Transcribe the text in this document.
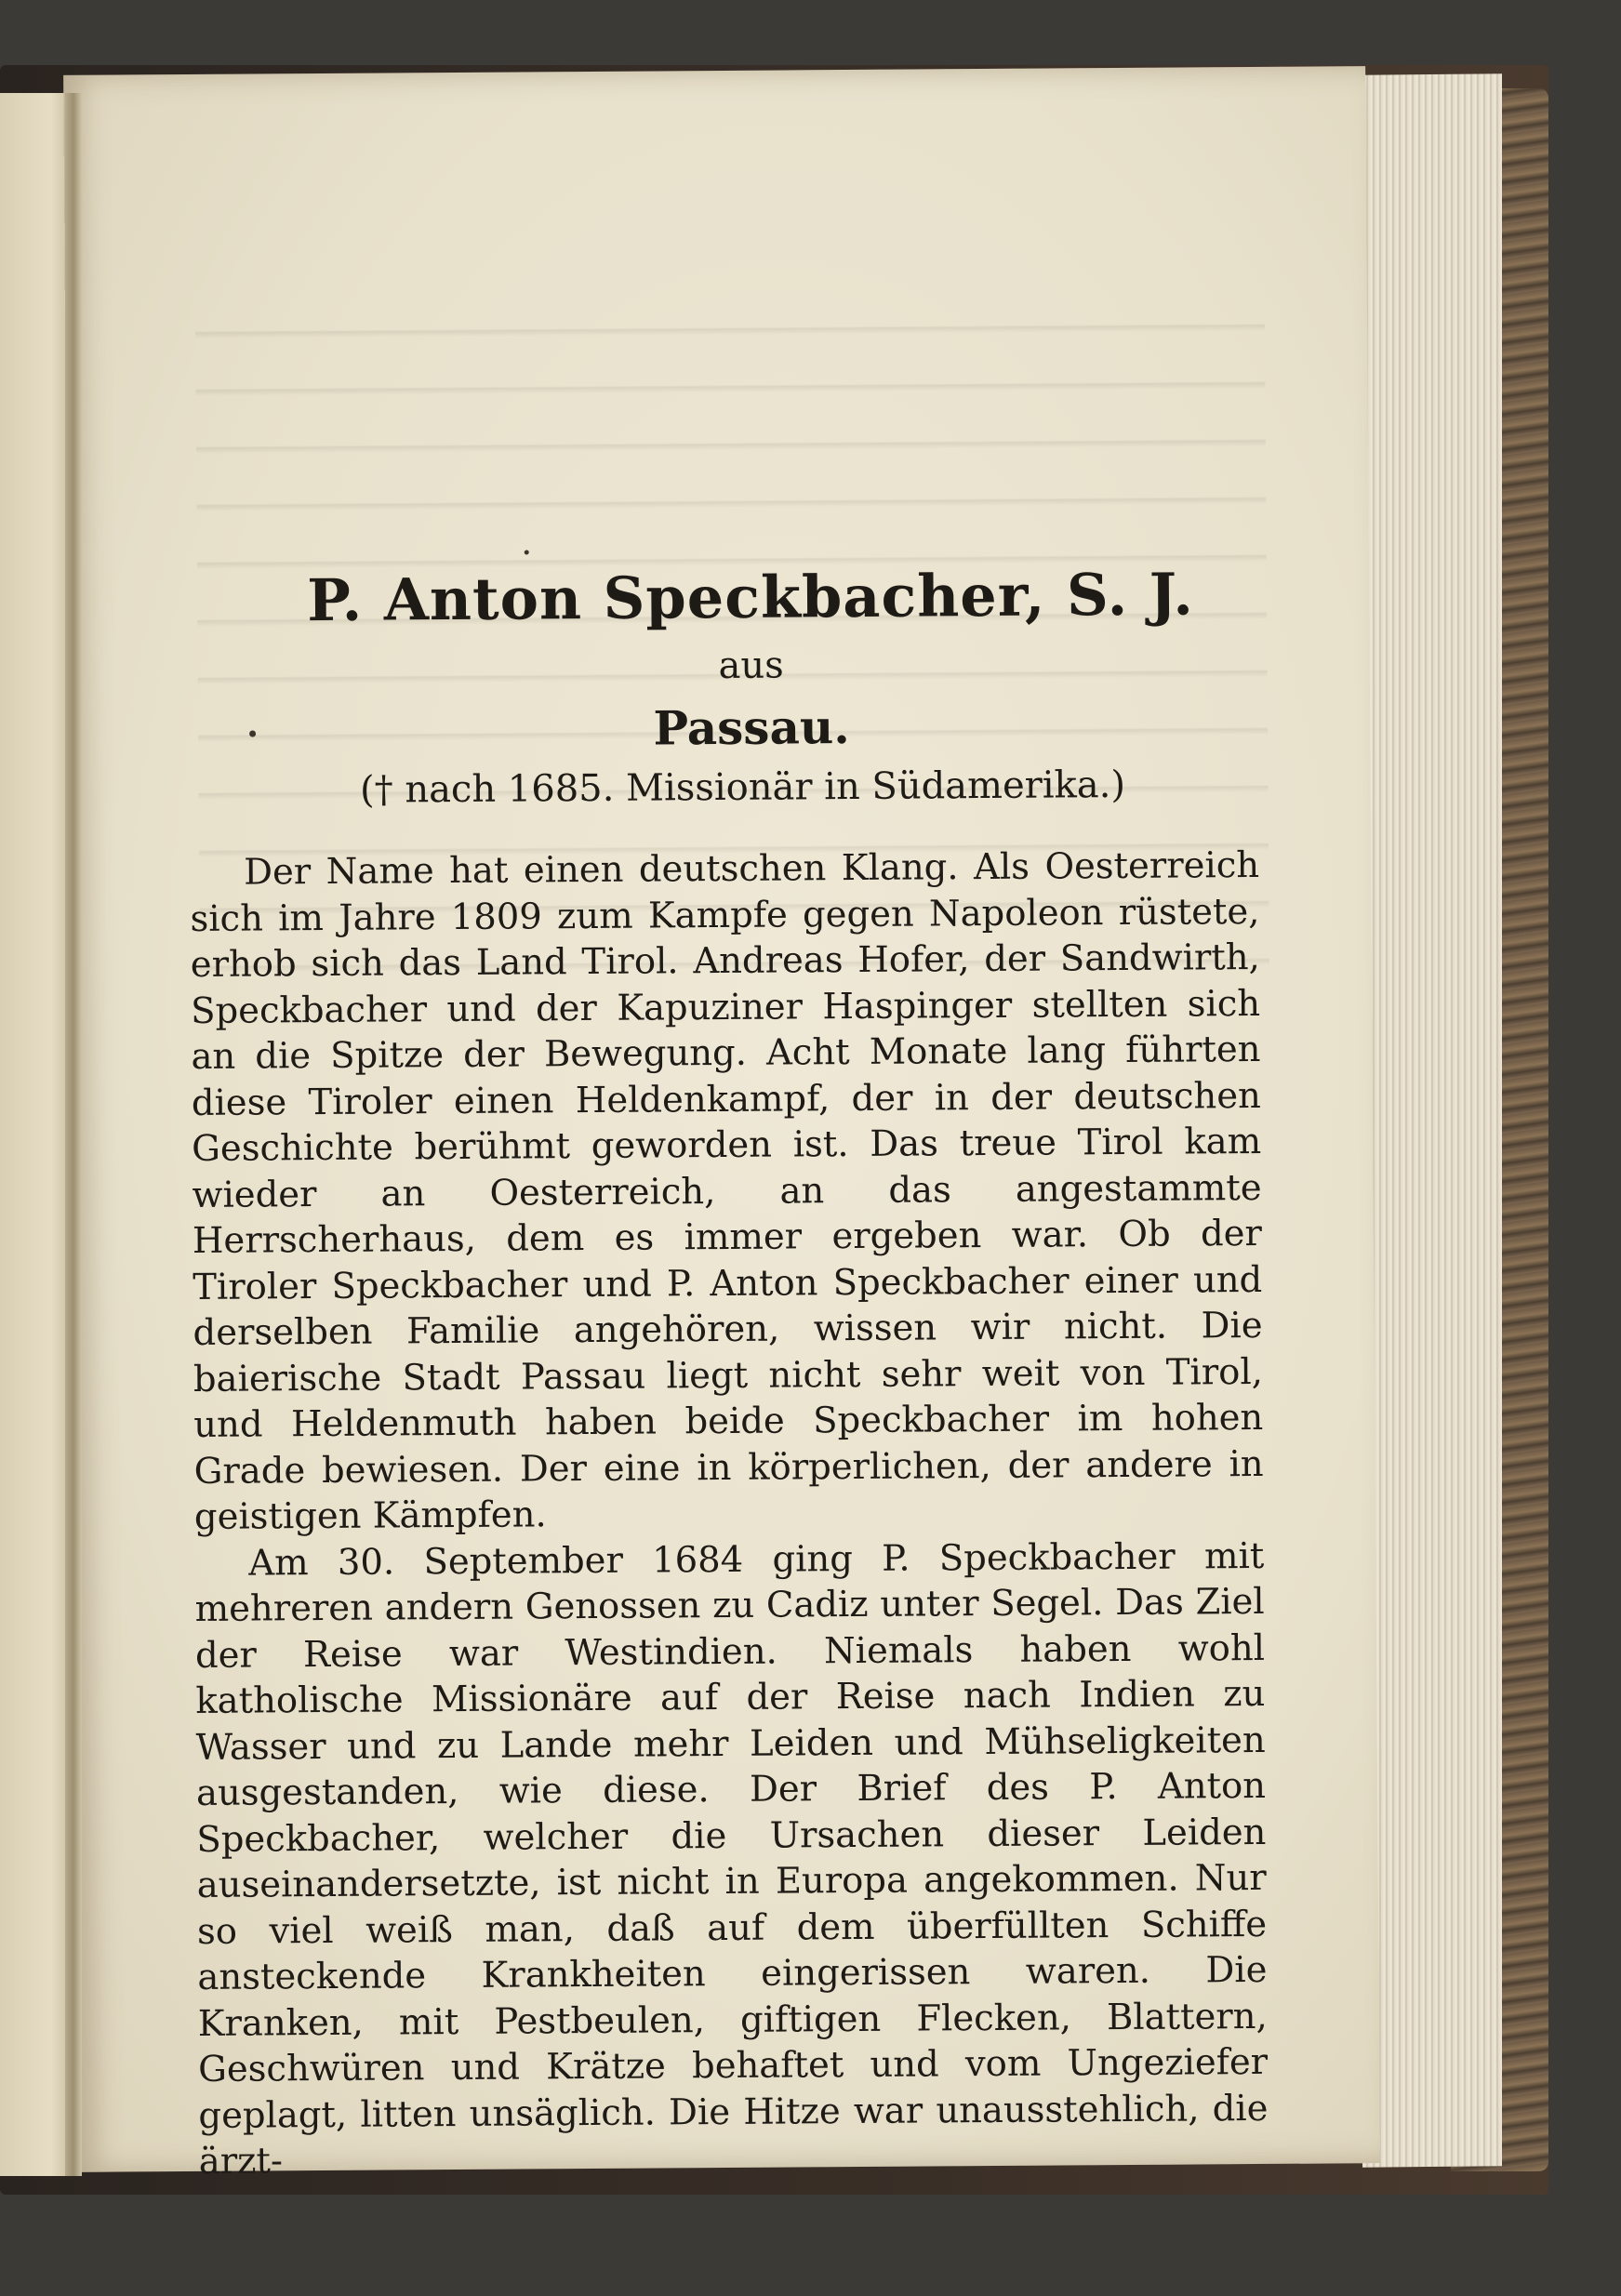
P. Anton Speckbacher, S. J.
aus
Passau.
(† nach 1685. Missionär in Südamerika.)

Der Name hat einen deutschen Klang. Als Oesterreich sich im Jahre 1809 zum Kampfe gegen Napoleon rüstete, erhob sich das Land Tirol. Andreas Hofer, der Sandwirth, Speckbacher und der Kapuziner Haspinger stellten sich an die Spitze der Bewegung. Acht Monate lang führten diese Tiroler einen Heldenkampf, der in der deutschen Geschichte berühmt geworden ist. Das treue Tirol kam wieder an Oesterreich, an das angestammte Herrscherhaus, dem es immer ergeben war. Ob der Tiroler Speckbacher und P. Anton Speckbacher einer und derselben Familie angehören, wissen wir nicht. Die baierische Stadt Passau liegt nicht sehr weit von Tirol, und Heldenmuth haben beide Speckbacher im hohen Grade bewiesen. Der eine in körperlichen, der andere in geistigen Kämpfen.

Am 30. September 1684 ging P. Speckbacher mit mehreren andern Genossen zu Cadiz unter Segel. Das Ziel der Reise war Westindien. Niemals haben wohl katholische Missionäre auf der Reise nach Indien zu Wasser und zu Lande mehr Leiden und Mühseligkeiten ausgestanden, wie diese. Der Brief des P. Anton Speckbacher, welcher die Ursachen dieser Leiden auseinandersetzte, ist nicht in Europa angekommen. Nur so viel weiß man, daß auf dem überfüllten Schiffe ansteckende Krankheiten eingerissen waren. Die Kranken, mit Pestbeulen, giftigen Flecken, Blattern, Geschwüren und Krätze behaftet und vom Ungeziefer geplagt, litten unsäglich. Die Hitze war unausstehlich, die ärzt-
